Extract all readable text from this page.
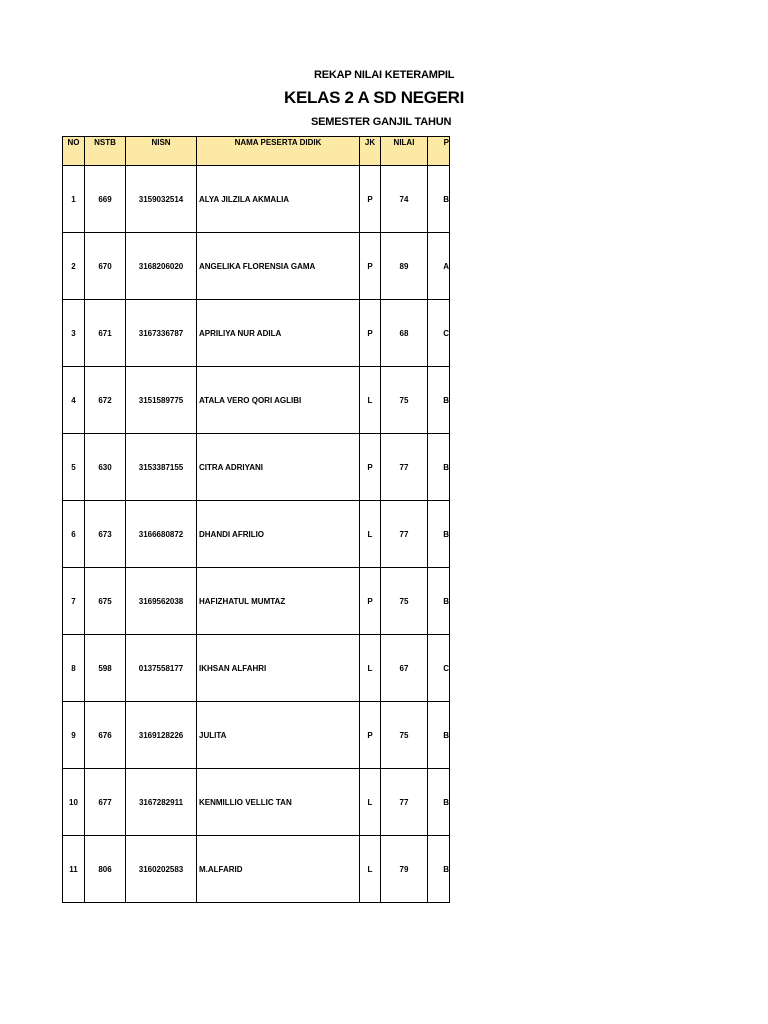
REKAP NILAI KETERAMPIL
KELAS 2 A SD NEGERI
SEMESTER GANJIL TAHUN
NO	NSTB	NISN	NAMA PESERTA DIDIK	JK	NILAI	P
1	669	3159032514	ALYA JILZILA AKMALIA	P	74	B
2	670	3168206020	ANGELIKA FLORENSIA GAMA	P	89	A
3	671	3167336787	APRILIYA NUR ADILA	P	68	C
4	672	3151589775	ATALA VERO QORI AGLIBI	L	75	B
5	630	3153387155	CITRA ADRIYANI	P	77	B
6	673	3166680872	DHANDI AFRILIO	L	77	B
7	675	3169562038	HAFIZHATUL MUMTAZ	P	75	B
8	598	0137558177	IKHSAN ALFAHRI	L	67	C
9	676	3169128226	JULITA	P	75	B
10	677	3167282911	KENMILLIO VELLIC TAN	L	77	B
11	806	3160202583	M.ALFARID	L	79	B
